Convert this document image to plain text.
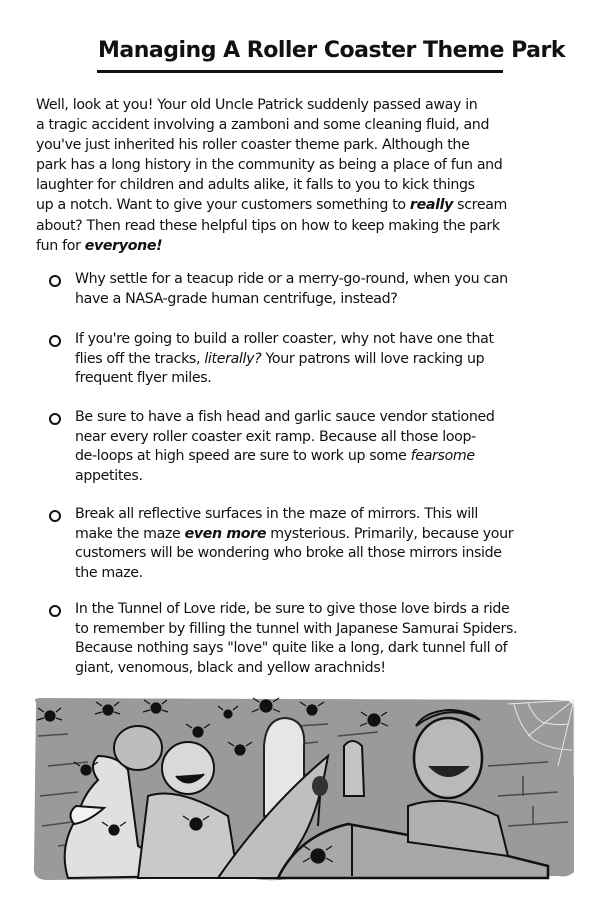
Managing A Roller Coaster Theme Park
Well, look at you! Your old Uncle Patrick suddenly passed away in
a tragic accident involving a zamboni and some cleaning fluid, and
you've just inherited his roller coaster theme park. Although the
park has a long history in the community as being a place of fun and
laughter for children and adults alike, it falls to you to kick things
up a notch. Want to give your customers something to really scream
about? Then read these helpful tips on how to keep making the park
fun for everyone!
Why settle for a teacup ride or a merry-go-round, when you can
have a NASA-grade human centrifuge, instead?
If you're going to build a roller coaster, why not have one that
flies off the tracks, literally? Your patrons will love racking up
frequent flyer miles.
Be sure to have a fish head and garlic sauce vendor stationed
near every roller coaster exit ramp. Because all those loop-
de-loops at high speed are sure to work up some fearsome
appetites.
Break all reflective surfaces in the maze of mirrors. This will
make the maze even more mysterious. Primarily, because your
customers will be wondering who broke all those mirrors inside
the maze.
In the Tunnel of Love ride, be sure to give those love birds a ride
to remember by filling the tunnel with Japanese Samurai Spiders.
Because nothing says "love" quite like a long, dark tunnel full of
giant, venomous, black and yellow arachnids!
